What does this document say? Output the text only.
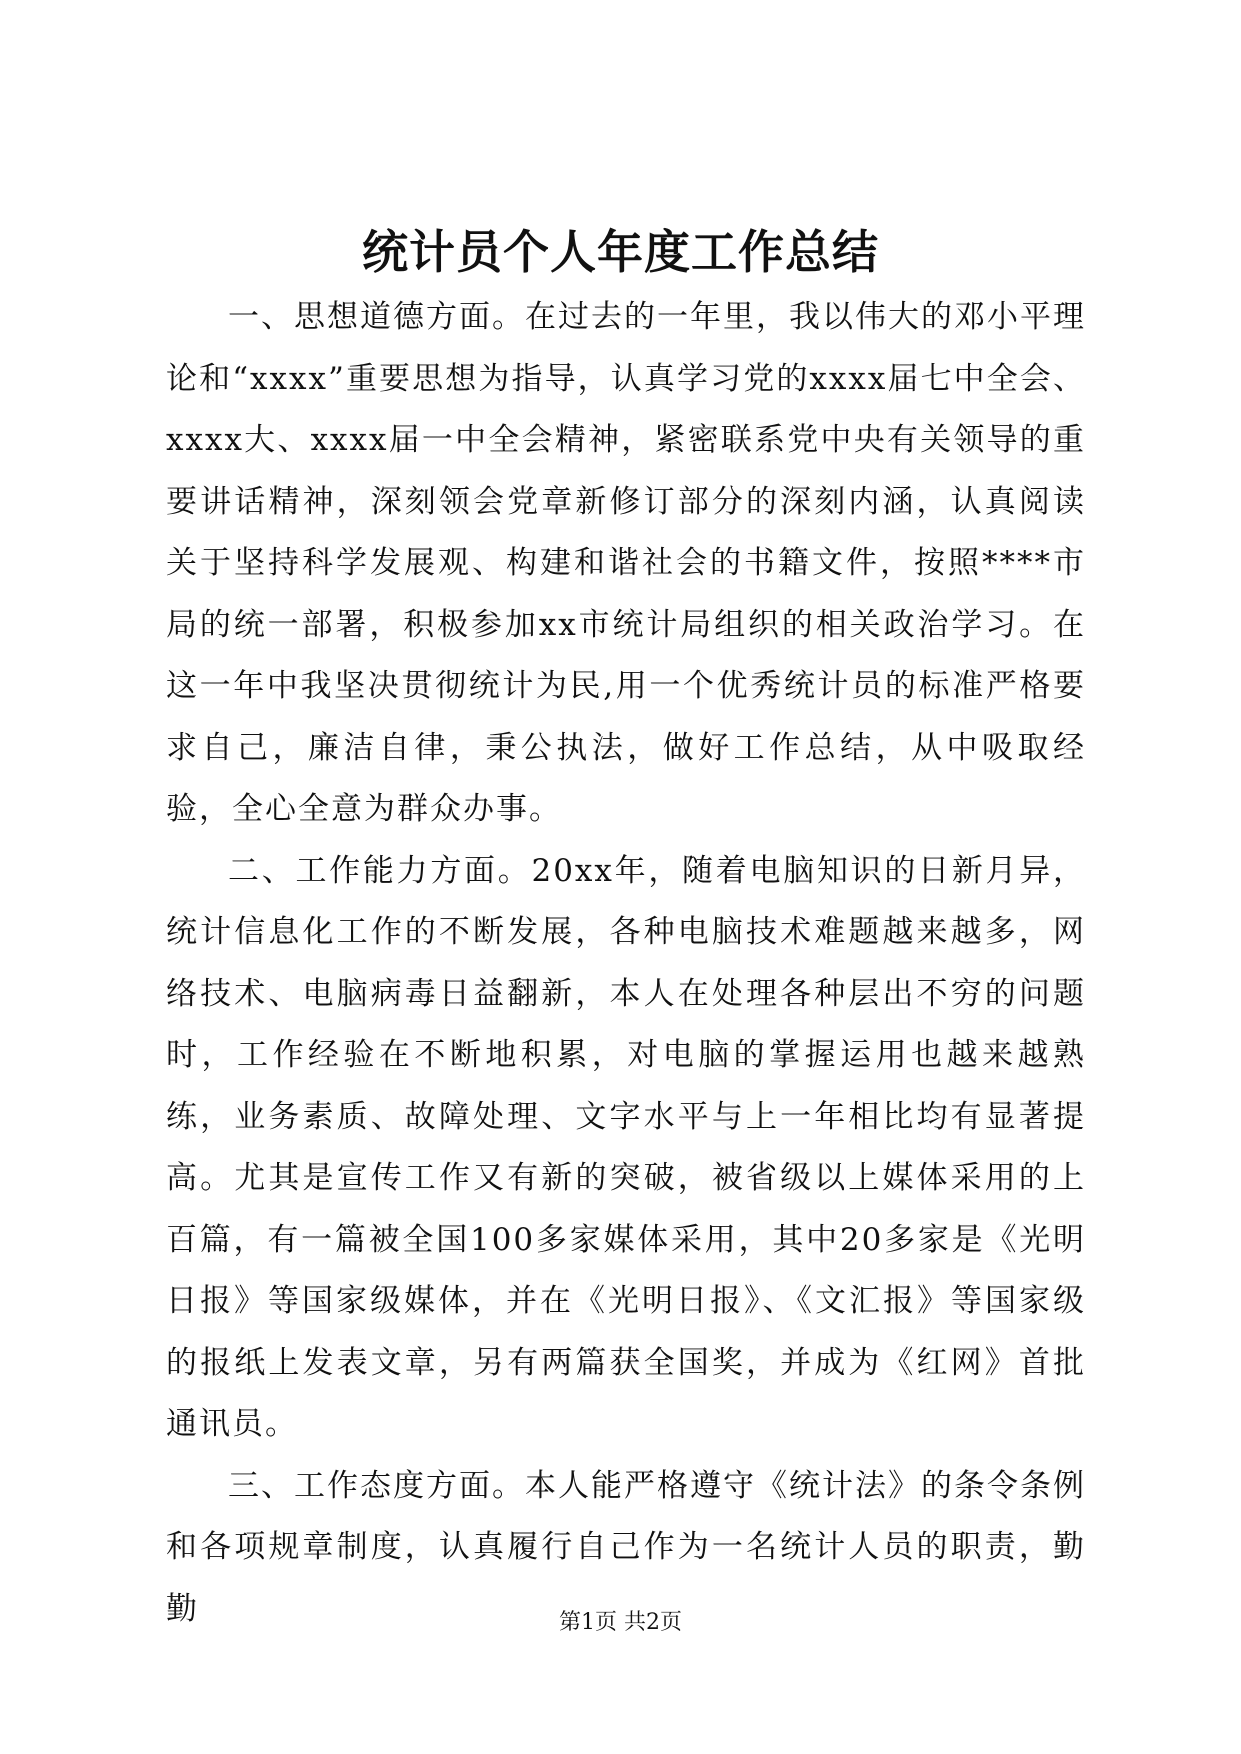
统计员个人年度工作总结

一、思想道德方面。在过去的一年里，我以伟大的邓小平理论和“xxxx”重要思想为指导，认真学习党的xxxx届七中全会、xxxx大、xxxx届一中全会精神，紧密联系党中央有关领导的重要讲话精神，深刻领会党章新修订部分的深刻内涵，认真阅读关于坚持科学发展观、构建和谐社会的书籍文件，按照****市局的统一部署，积极参加xx市统计局组织的相关政治学习。在这一年中我坚决贯彻统计为民,用一个优秀统计员的标准严格要求自己，廉洁自律，秉公执法，做好工作总结，从中吸取经验，全心全意为群众办事。

二、工作能力方面。20xx年，随着电脑知识的日新月异，统计信息化工作的不断发展，各种电脑技术难题越来越多，网络技术、电脑病毒日益翻新，本人在处理各种层出不穷的问题时，工作经验在不断地积累，对电脑的掌握运用也越来越熟练，业务素质、故障处理、文字水平与上一年相比均有显著提高。尤其是宣传工作又有新的突破，被省级以上媒体采用的上百篇，有一篇被全国100多家媒体采用，其中20多家是《光明日报》等国家级媒体，并在《光明日报》、《文汇报》等国家级的报纸上发表文章，另有两篇获全国奖，并成为《红网》首批通讯员。

三、工作态度方面。本人能严格遵守《统计法》的条令条例和各项规章制度，认真履行自己作为一名统计人员的职责，勤勤	第1页 共2页
